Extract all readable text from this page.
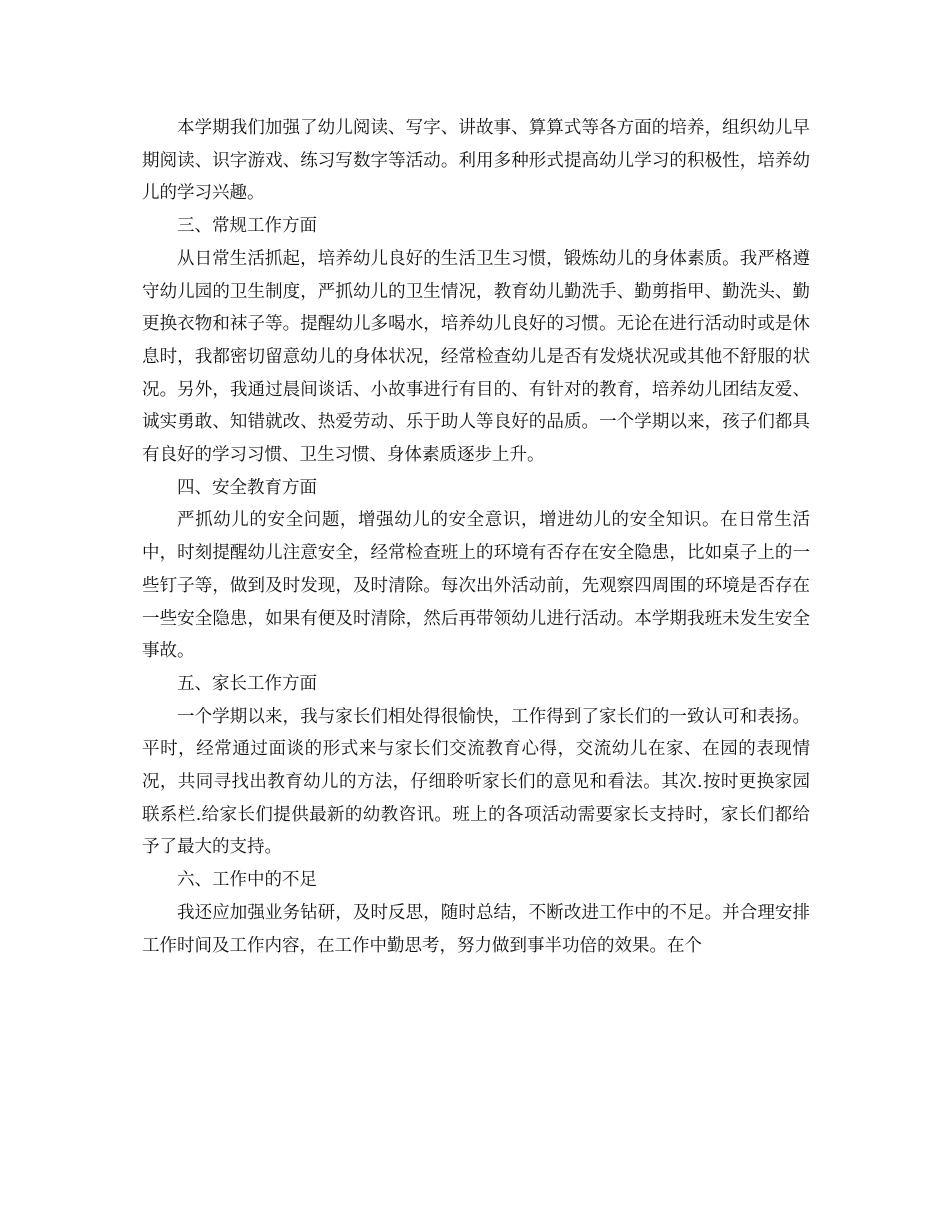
本学期我们加强了幼儿阅读、写字、讲故事、算算式等各方面的培养，组织幼儿早期阅读、识字游戏、练习写数字等活动。利用多种形式提高幼儿学习的积极性，培养幼儿的学习兴趣。

三、常规工作方面

从日常生活抓起，培养幼儿良好的生活卫生习惯，锻炼幼儿的身体素质。我严格遵守幼儿园的卫生制度，严抓幼儿的卫生情况，教育幼儿勤洗手、勤剪指甲、勤洗头、勤更换衣物和袜子等。提醒幼儿多喝水，培养幼儿良好的习惯。无论在进行活动时或是休息时，我都密切留意幼儿的身体状况，经常检查幼儿是否有发烧状况或其他不舒服的状况。另外，我通过晨间谈话、小故事进行有目的、有针对的教育，培养幼儿团结友爱、诚实勇敢、知错就改、热爱劳动、乐于助人等良好的品质。一个学期以来，孩子们都具有良好的学习习惯、卫生习惯、身体素质逐步上升。

四、安全教育方面

严抓幼儿的安全问题，增强幼儿的安全意识，增进幼儿的安全知识。在日常生活中，时刻提醒幼儿注意安全，经常检查班上的环境有否存在安全隐患，比如桌子上的一些钉子等，做到及时发现，及时清除。每次出外活动前，先观察四周围的环境是否存在一些安全隐患，如果有便及时清除，然后再带领幼儿进行活动。本学期我班未发生安全事故。

五、家长工作方面

一个学期以来，我与家长们相处得很愉快，工作得到了家长们的一致认可和表扬。平时，经常通过面谈的形式来与家长们交流教育心得，交流幼儿在家、在园的表现情况，共同寻找出教育幼儿的方法，仔细聆听家长们的意见和看法。其次.按时更换家园联系栏.给家长们提供最新的幼教咨讯。班上的各项活动需要家长支持时，家长们都给予了最大的支持。

六、工作中的不足

我还应加强业务钻研，及时反思，随时总结，不断改进工作中的不足。并合理安排工作时间及工作内容，在工作中勤思考，努力做到事半功倍的效果。在个
